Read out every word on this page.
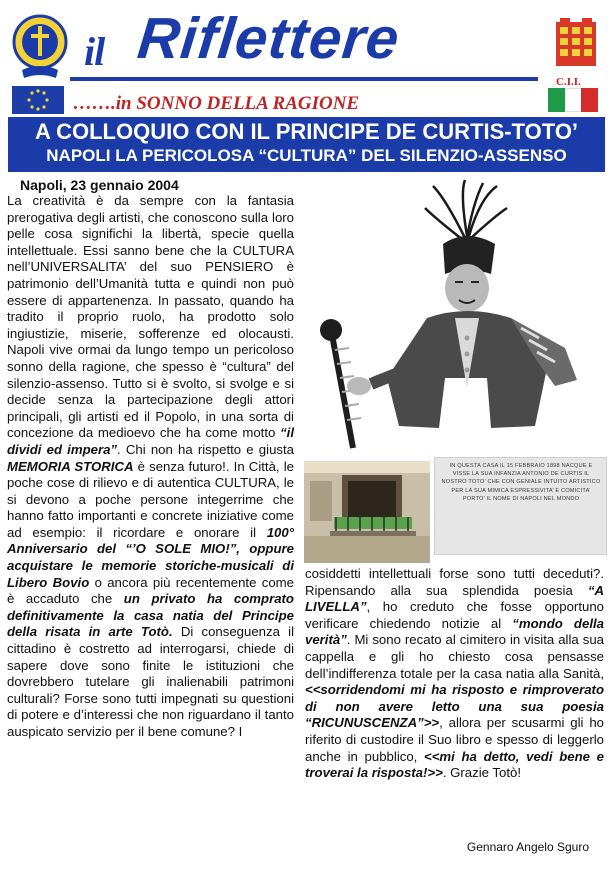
il Riflettere
C.I.I.
…….in SONNO DELLA RAGIONE
A COLLOQUIO CON IL PRINCIPE DE CURTIS-TOTO’
NAPOLI LA PERICOLOSA “CULTURA” DEL SILENZIO-ASSENSO
Napoli, 23 gennaio 2004
La creatività è da sempre con la fantasia prerogativa degli artisti, che conoscono sulla loro pelle cosa significhi la libertà, specie quella intellettuale. Essi sanno bene che la CULTURA nell’UNIVERSALITA’ del suo PENSIERO è patrimonio dell’Umanità tutta e quindi non può essere di appartenenza. In passato, quando ha tradito il proprio ruolo, ha prodotto solo ingiustizie, miserie, sofferenze ed olocausti. Napoli vive ormai da lungo tempo un pericoloso sonno della ragione, che spesso è “cultura” del silenzio-assenso. Tutto si è svolto, si svolge e si decide senza la partecipazione degli attori principali, gli artisti ed il Popolo, in una sorta di concezione da medioevo che ha come motto “il dividi ed impera”. Chi non ha rispetto e giusta MEMORIA STORICA è senza futuro!. In Città, le poche cose di rilievo e di autentica CULTURA, le si devono a poche persone integerrime che hanno fatto importanti e concrete iniziative come ad esempio: il ricordare e onorare il 100° Anniversario del “’O SOLE MIO!”, oppure acquistare le memorie storiche-musicali di Libero Bovio o ancora più recentemente come è accaduto che un privato ha comprato definitivamente la casa natia del Principe della risata in arte Totò. Di conseguenza il cittadino è costretto ad interrogarsi, chiede di sapere dove sono finite le istituzioni che dovrebbero tutelare gli inalienabili patrimoni culturali? Forse sono tutti impegnati su questioni di potere e d’interessi che non riguardano il tanto auspicato servizio per il bene comune? I
cosiddetti intellettuali forse sono tutti deceduti?. Ripensando alla sua splendida poesia “A LIVELLA”, ho creduto che fosse opportuno verificare chiedendo notizie al “mondo della verità”. Mi sono recato al cimitero in visita alla sua cappella e gli ho chiesto cosa pensasse dell’indifferenza totale per la casa natia alla Sanità, <<sorridendomi mi ha risposto e rimproverato di non avere letto una sua poesia “RICUNUSCENZA”>>, allora per scusarmi gli ho riferito di custodire il Suo libro e spesso di leggerlo anche in pubblico, <<mi ha detto, vedi bene e troverai la risposta!>>. Grazie Totò!
IN QUESTA CASA IL 15 FEBBRAIO 1898 NACQUE E VISSE LA SUA INFANZIA ANTONIO DE CURTIS IL NOSTRO TOTO’ CHE CON GENIALE INTUITO ARTISTICO PER LA SUA MIMICA ESPRESSIVITA’ E COMICITA’ PORTO’ IL NOME DI NAPOLI NEL MONDO
Gennaro Angelo Sguro
